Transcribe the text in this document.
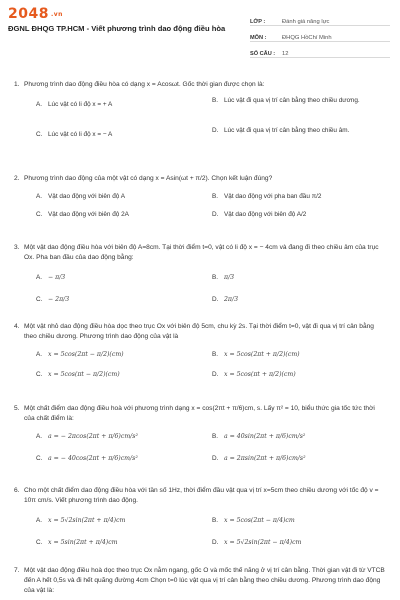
2048 .vn
ĐGNL ĐHQG TP.HCM - Viết phương trình dao động điều hòa
LỚP :	Đánh giá năng lực
MÔN :	ĐHQG HồChí Minh
SỐ CÂU :	12
1. Phương trình dao động điều hòa có dạng x = Acosωt. Gốc thời gian được chọn là:
A. Lúc vật có li độ x = + A
B. Lúc vật đi qua vị trí cân bằng theo chiều dương.
C. Lúc vật có li độ x = − A
D. Lúc vật đi qua vị trí cân bằng theo chiều âm.
2. Phương trình dao động của một vật có dạng x = Asin(ωt + π/2). Chọn kết luận đúng?
A. Vật dao động với biên độ A	B. Vật dao động với pha ban đầu π/2
C. Vật dao động với biên độ 2A	D. Vật dao động với biên độ A/2
3. Một vật dao động điều hòa với biên độ A=8cm. Tại thời điểm t=0, vật có li độ x = − 4cm và đang đi theo chiều âm của trục Ox. Pha ban đầu của dao động bằng:
A. − π/3	B. π/3
C. − 2π/3	D. 2π/3
4. Một vật nhỏ dao động điều hòa dọc theo trục Ox với biên độ 5cm, chu kỳ 2s. Tại thời điểm t=0, vật đi qua vị trí cân bằng theo chiều dương. Phương trình dao động của vật là
A. x = 5cos(2πt − π/2)(cm)	B. x = 5cos(2πt + π/2)(cm)
C. x = 5cos(πt − π/2)(cm)	D. x = 5cos(πt + π/2)(cm)
5. Một chất điểm dao động điều hoà với phương trình dạng x = cos(2πt + π/6)cm, s. Lấy π² = 10, biểu thức gia tốc tức thời của chất điểm là:
A. a = − 2πcos(2πt + π/6)cm/s²	B. a = 40sin(2πt + π/6)cm/s²
C. a = − 40cos(2πt + π/6)cm/s²	D. a = 2πsin(2πt + π/6)cm/s²
6. Cho một chất điểm dao động điều hòa với tần số 1Hz, thời điểm đầu vật qua vị trí x=5cm theo chiều dương với tốc độ v = 10π cm/s. Viết phương trình dao động.
A. x = 5√2sin(2πt + π/4)cm	B. x = 5cos(2πt − π/4)cm
C. x = 5sin(2πt + π/4)cm	D. x = 5√2sin(2πt − π/4)cm
7. Một vật dao động điều hoà dọc theo trục Ox nằm ngang, gốc O và mốc thế năng ở vị trí cân bằng. Thời gian vật đi từ VTCB đến A hết 0,5s và đi hết quãng đường 4cm Chọn t=0 lúc vật qua vị trí cân bằng theo chiều dương. Phương trình dao động của vật là:
